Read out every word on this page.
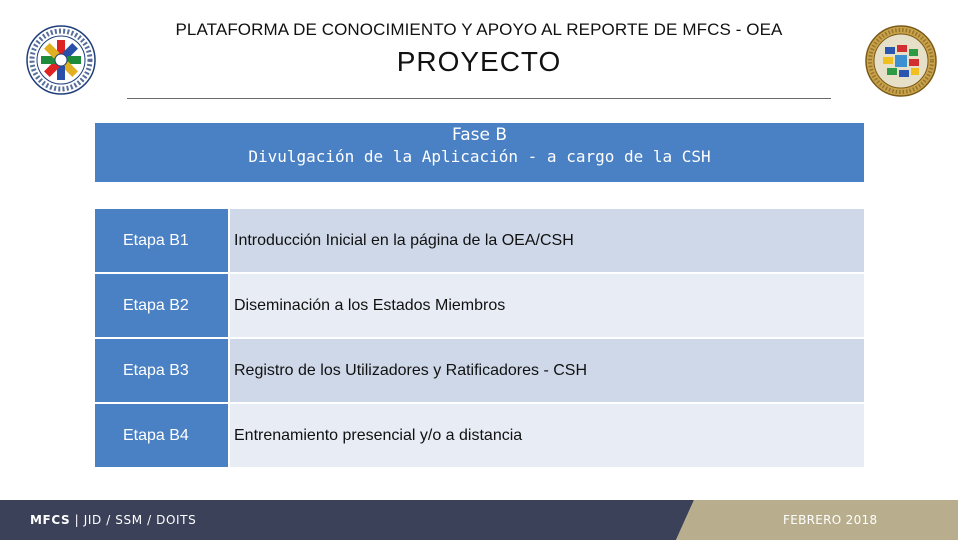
PLATAFORMA DE CONOCIMIENTO Y APOYO AL REPORTE DE MFCS - OEA
PROYECTO
Fase B
Divulgación de la Aplicación - a cargo de la CSH
Etapa B1	Introducción Inicial en la página de la OEA/CSH
Etapa B2	Diseminación a los Estados Miembros
Etapa B3	Registro de los Utilizadores y Ratificadores - CSH
Etapa B4	Entrenamiento presencial y/o a distancia
MFCS | JID / SSM / DOITS	FEBRERO 2018
